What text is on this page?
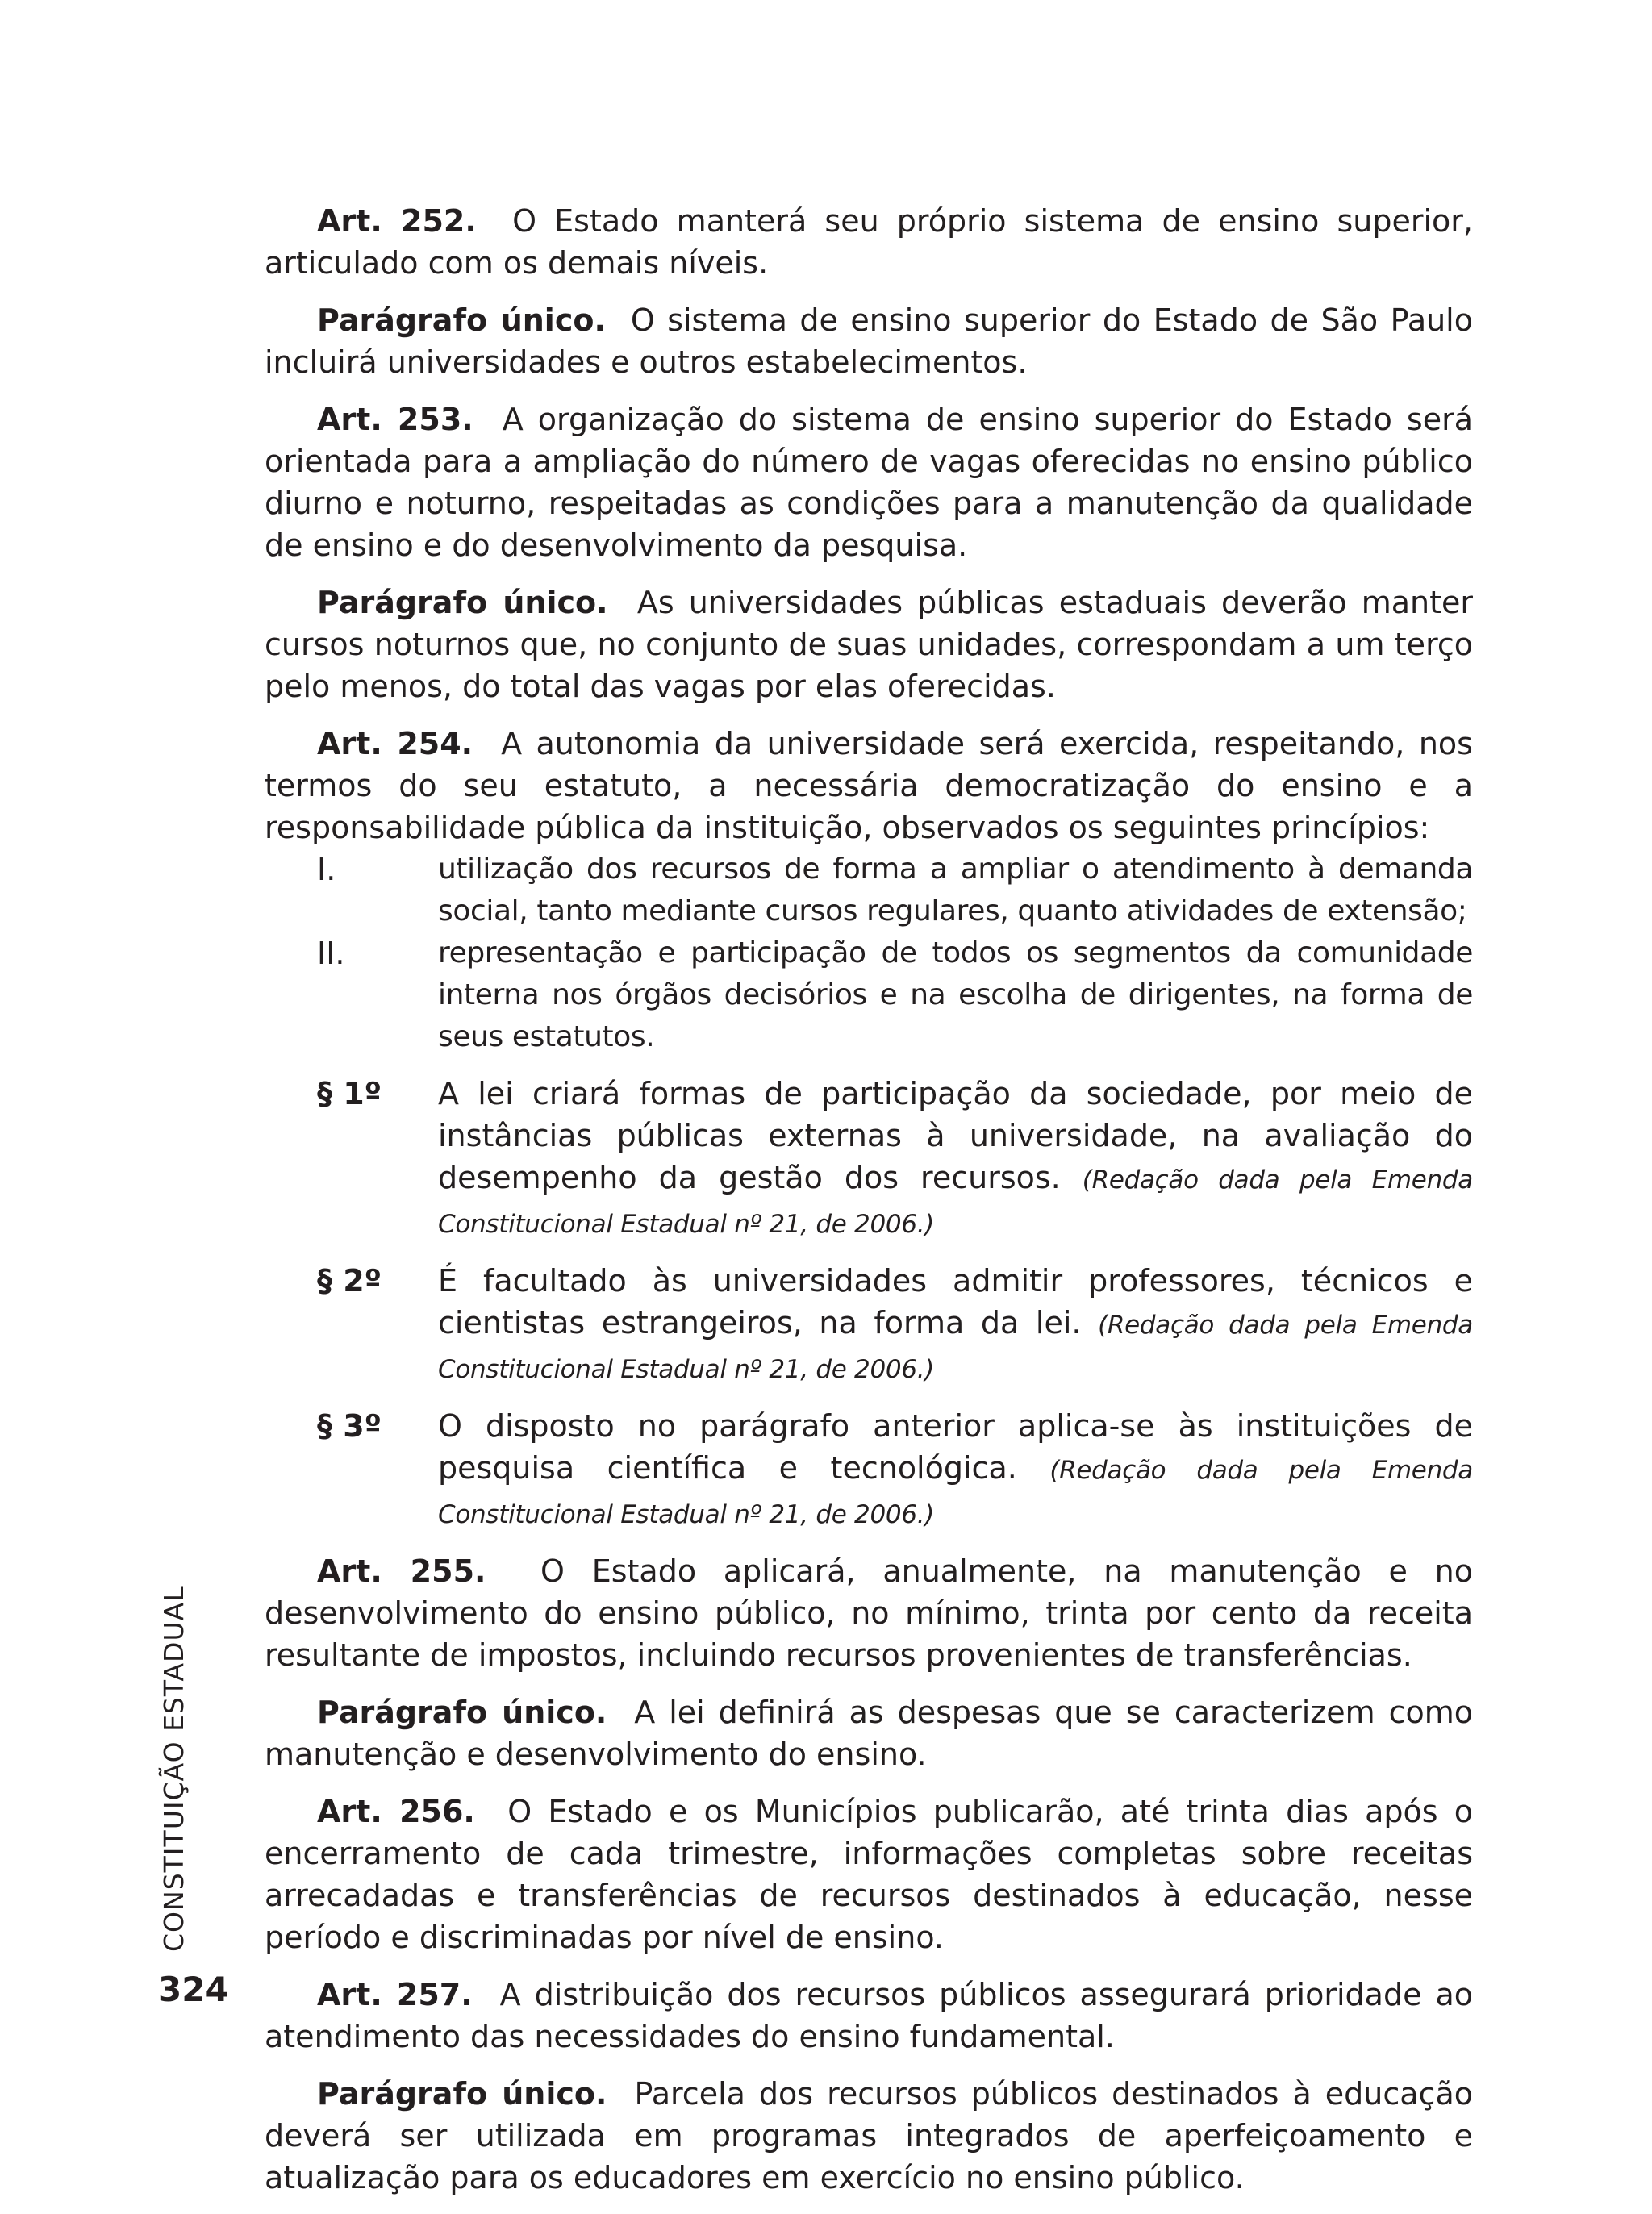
Art. 252. O Estado manterá seu próprio sistema de ensino superior, articulado com os demais níveis.

Parágrafo único. O sistema de ensino superior do Estado de São Paulo incluirá universidades e outros estabelecimentos.

Art. 253. A organização do sistema de ensino superior do Estado será orientada para a ampliação do número de vagas oferecidas no ensino público diurno e noturno, respeitadas as condições para a manutenção da qualidade de ensino e do desenvolvimento da pesquisa.

Parágrafo único. As universidades públicas estaduais deverão manter cursos noturnos que, no conjunto de suas unidades, correspondam a um terço pelo menos, do total das vagas por elas oferecidas.

Art. 254. A autonomia da universidade será exercida, respeitando, nos termos do seu estatuto, a necessária democratização do ensino e a responsabilidade pública da instituição, observados os seguintes princípios:

I.	utilização dos recursos de forma a ampliar o atendimento à demanda social, tanto mediante cursos regulares, quanto atividades de extensão;
II.	representação e participação de todos os segmentos da comunidade interna nos órgãos decisórios e na escolha de dirigentes, na forma de seus estatutos.
§ 1º	A lei criará formas de participação da sociedade, por meio de instâncias públicas externas à universidade, na avaliação do desempenho da gestão dos recursos. (Redação dada pela Emenda Constitucional Estadual nº 21, de 2006.)
§ 2º	É facultado às universidades admitir professores, técnicos e cientistas estrangeiros, na forma da lei. (Redação dada pela Emenda Constitucional Estadual nº 21, de 2006.)
§ 3º	O disposto no parágrafo anterior aplica-se às instituições de pesquisa científica e tecnológica. (Redação dada pela Emenda Constitucional Estadual nº 21, de 2006.)

Art. 255. O Estado aplicará, anualmente, na manutenção e no desenvolvimento do ensino público, no mínimo, trinta por cento da receita resultante de impostos, incluindo recursos provenientes de transferências.

Parágrafo único. A lei definirá as despesas que se caracterizem como manutenção e desenvolvimento do ensino.

Art. 256. O Estado e os Municípios publicarão, até trinta dias após o encerramento de cada trimestre, informações completas sobre receitas arrecadadas e transferências de recursos destinados à educação, nesse período e discriminadas por nível de ensino.

Art. 257. A distribuição dos recursos públicos assegurará prioridade ao atendimento das necessidades do ensino fundamental.

Parágrafo único. Parcela dos recursos públicos destinados à educação deverá ser utilizada em programas integrados de aperfeiçoamento e atualização para os educadores em exercício no ensino público.

CONSTITUIÇÃO ESTADUAL
324
